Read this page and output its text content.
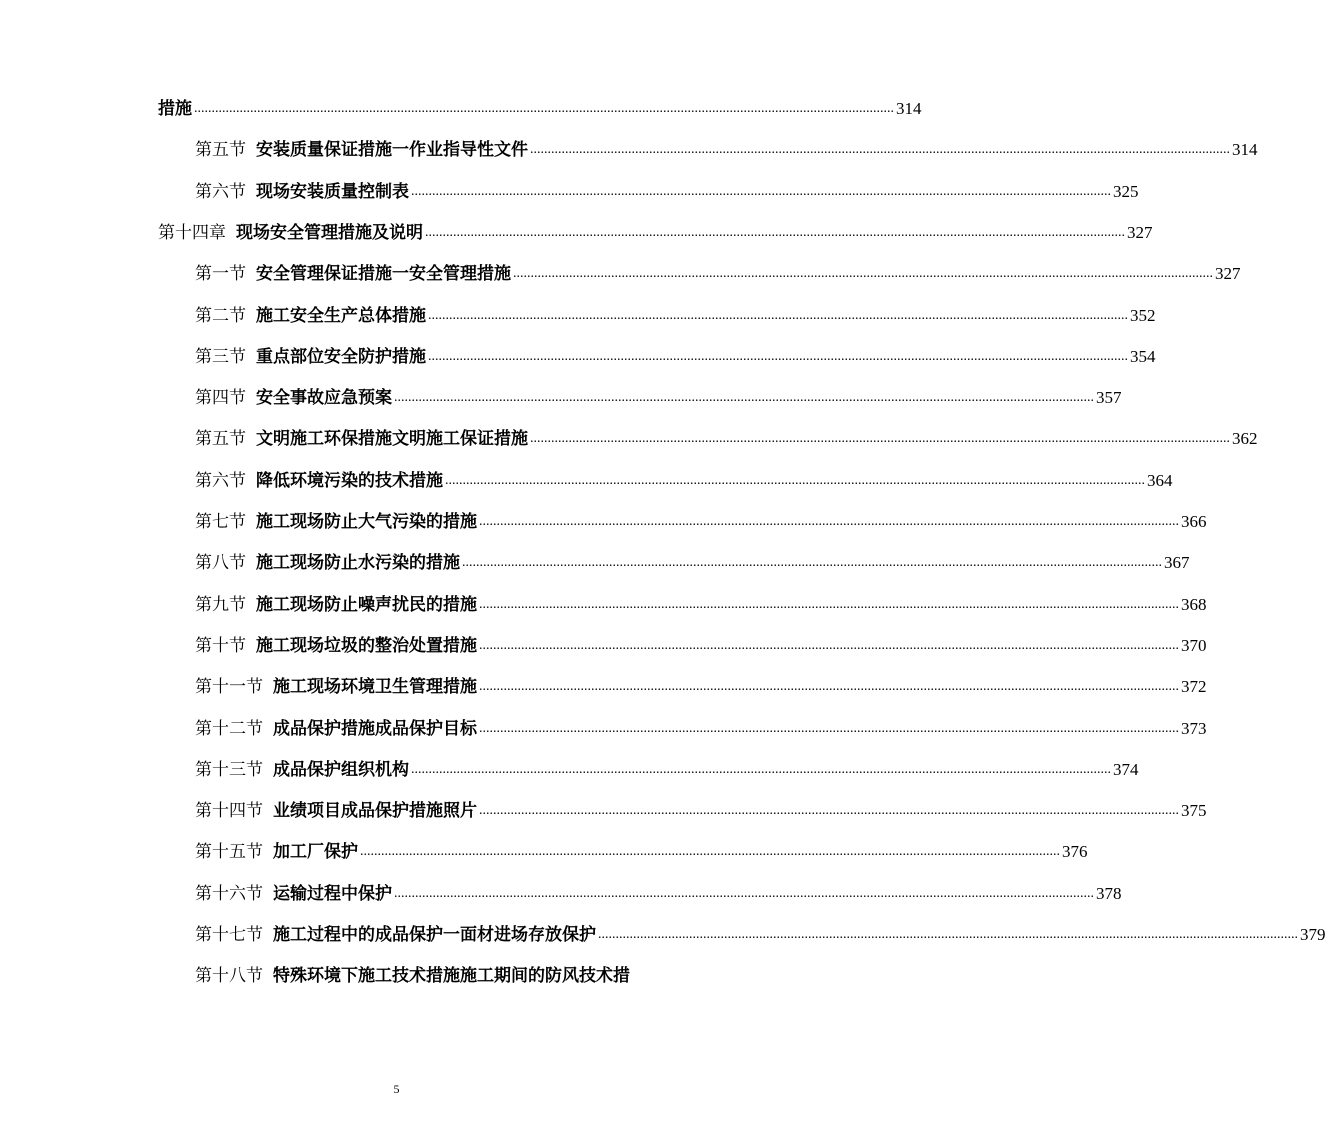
措施 ........................................................................................................................................................................................................ 314
第五节 安装质量保证措施一作业指导性文件 ........................................................................................................................................................................................................ 314
第六节 现场安装质量控制表 ........................................................................................................................................................................................................ 325
第十四章 现场安全管理措施及说明 ........................................................................................................................................................................................................ 327
第一节 安全管理保证措施一安全管理措施 ........................................................................................................................................................................................................ 327
第二节 施工安全生产总体措施 ........................................................................................................................................................................................................ 352
第三节 重点部位安全防护措施 ........................................................................................................................................................................................................ 354
第四节 安全事故应急预案 ........................................................................................................................................................................................................ 357
第五节 文明施工环保措施文明施工保证措施 ........................................................................................................................................................................................................ 362
第六节 降低环境污染的技术措施 ........................................................................................................................................................................................................ 364
第七节 施工现场防止大气污染的措施 ........................................................................................................................................................................................................ 366
第八节 施工现场防止水污染的措施 ........................................................................................................................................................................................................ 367
第九节 施工现场防止噪声扰民的措施 ........................................................................................................................................................................................................ 368
第十节 施工现场垃圾的整治处置措施 ........................................................................................................................................................................................................ 370
第十一节 施工现场环境卫生管理措施 ........................................................................................................................................................................................................ 372
第十二节 成品保护措施成品保护目标 ........................................................................................................................................................................................................ 373
第十三节 成品保护组织机构 ........................................................................................................................................................................................................ 374
第十四节 业绩项目成品保护措施照片 ........................................................................................................................................................................................................ 375
第十五节 加工厂保护 ........................................................................................................................................................................................................ 376
第十六节 运输过程中保护 ........................................................................................................................................................................................................ 378
第十七节 施工过程中的成品保护一面材进场存放保护 ........................................................................................................................................................................................................ 379
第十八节 特殊环境下施工技术措施施工期间的防风技术措
5
